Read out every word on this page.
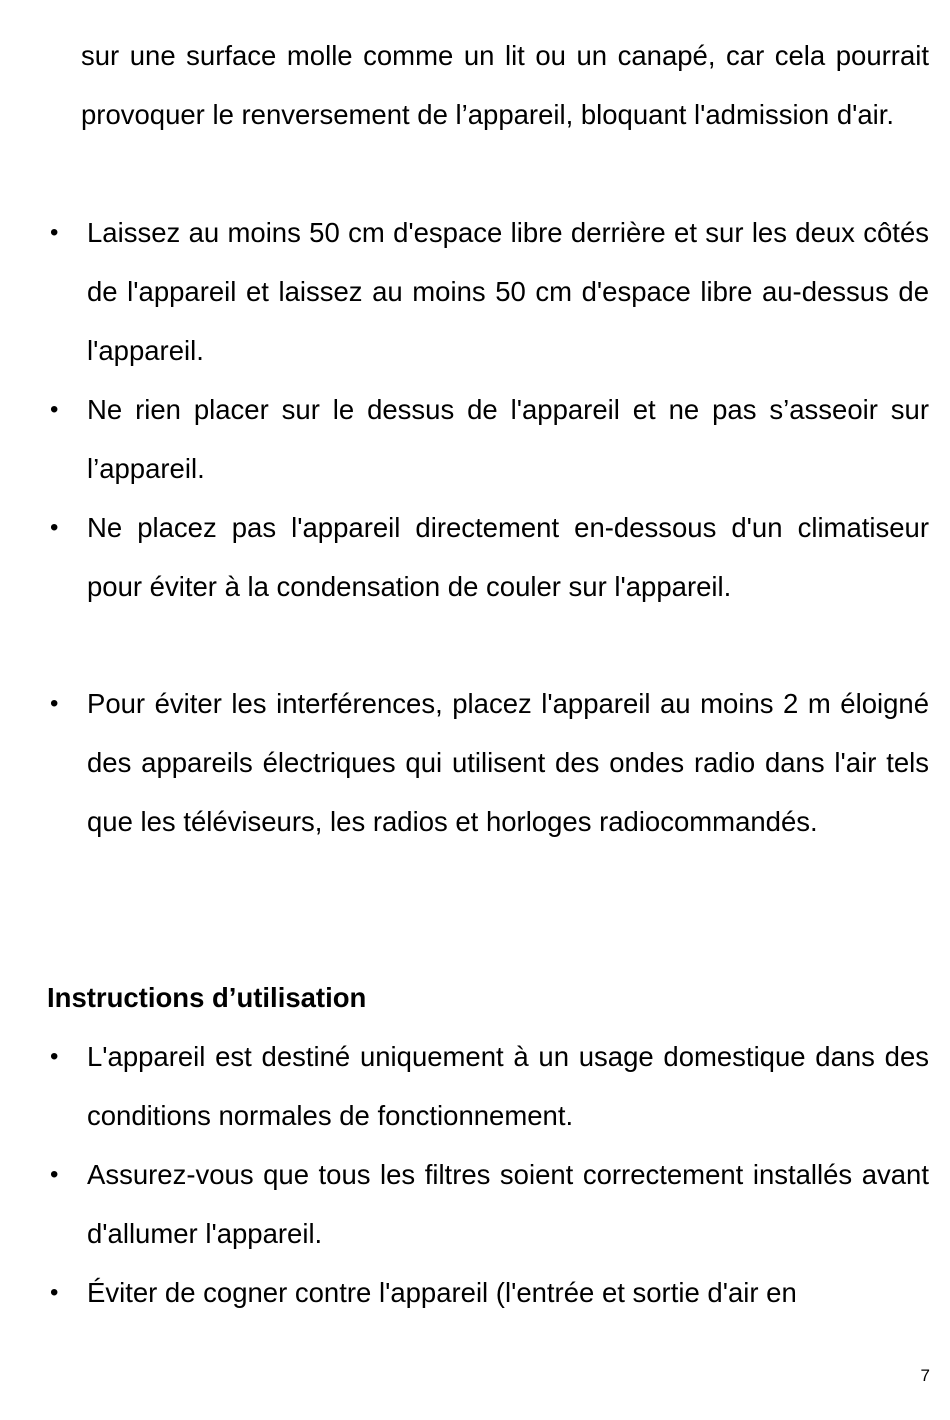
sur une surface molle comme un lit ou un canapé, car cela pourrait provoquer le renversement de l’appareil, bloquant l'admission d'air.

• Laissez au moins 50 cm d'espace libre derrière et sur les deux côtés de l'appareil et laissez au moins 50 cm d'espace libre au-dessus de l'appareil.
• Ne rien placer sur le dessus de l'appareil et ne pas s’asseoir sur l’appareil.
• Ne placez pas l'appareil directement en-dessous d'un climatiseur pour éviter à la condensation de couler sur l'appareil.
• Pour éviter les interférences, placez l'appareil au moins 2 m éloigné des appareils électriques qui utilisent des ondes radio dans l'air tels que les téléviseurs, les radios et horloges radiocommandés.
Instructions d’utilisation
• L'appareil est destiné uniquement à un usage domestique dans des conditions normales de fonctionnement.
• Assurez-vous que tous les filtres soient correctement installés avant d'allumer l'appareil.
• Éviter de cogner contre l'appareil (l'entrée et sortie d'air en
7
